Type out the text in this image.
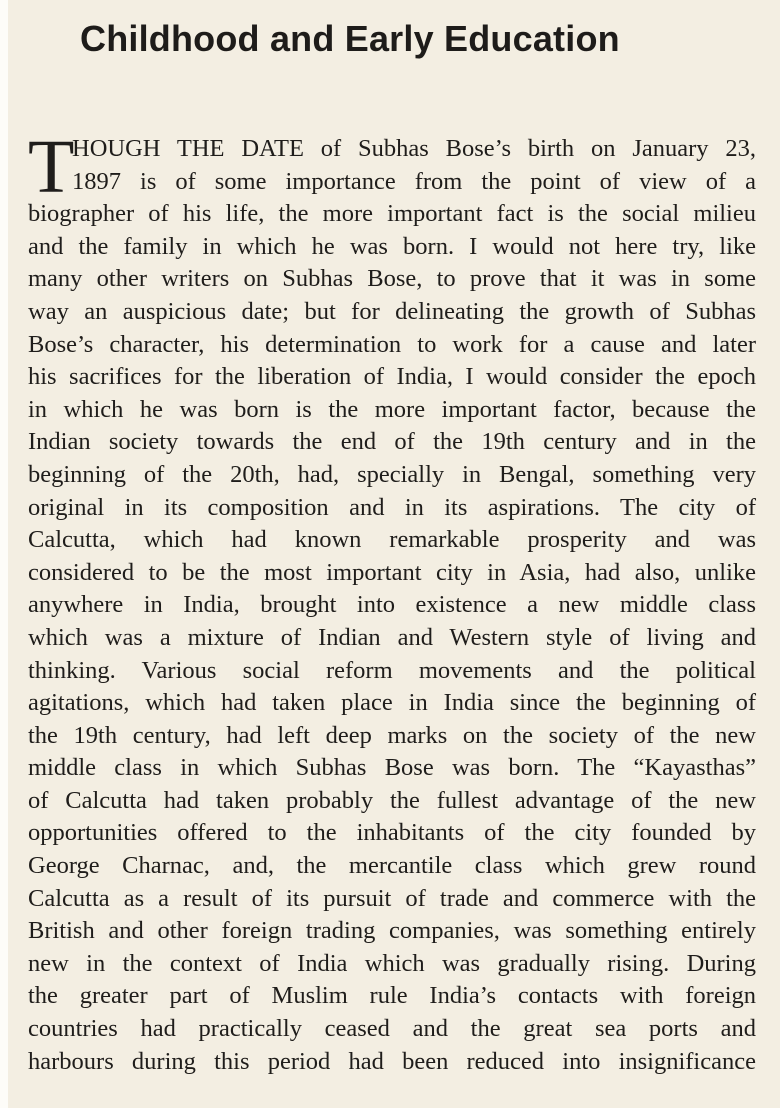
Childhood and Early Education
T
HOUGH THE DATE of Subhas Bose’s birth on January 23,
1897 is of some importance from the point of view of a
biographer of his life, the more important fact is the social milieu
and the family in which he was born. I would not here try, like
many other writers on Subhas Bose, to prove that it was in some
way an auspicious date; but for delineating the growth of Subhas
Bose’s character, his determination to work for a cause and later
his sacrifices for the liberation of India, I would consider the epoch
in which he was born is the more important factor, because the
Indian society towards the end of the 19th century and in the
beginning of the 20th, had, specially in Bengal, something very
original in its composition and in its aspirations. The city of
Calcutta, which had known remarkable prosperity and was
considered to be the most important city in Asia, had also, unlike
anywhere in India, brought into existence a new middle class
which was a mixture of Indian and Western style of living and
thinking. Various social reform movements and the political
agitations, which had taken place in India since the beginning of
the 19th century, had left deep marks on the society of the new
middle class in which Subhas Bose was born. The “Kayasthas”
of Calcutta had taken probably the fullest advantage of the new
opportunities offered to the inhabitants of the city founded by
George Charnac, and, the mercantile class which grew round
Calcutta as a result of its pursuit of trade and commerce with the
British and other foreign trading companies, was something entirely
new in the context of India which was gradually rising. During
the greater part of Muslim rule India’s contacts with foreign
countries had practically ceased and the great sea ports and
harbours during this period had been reduced into insignificance
